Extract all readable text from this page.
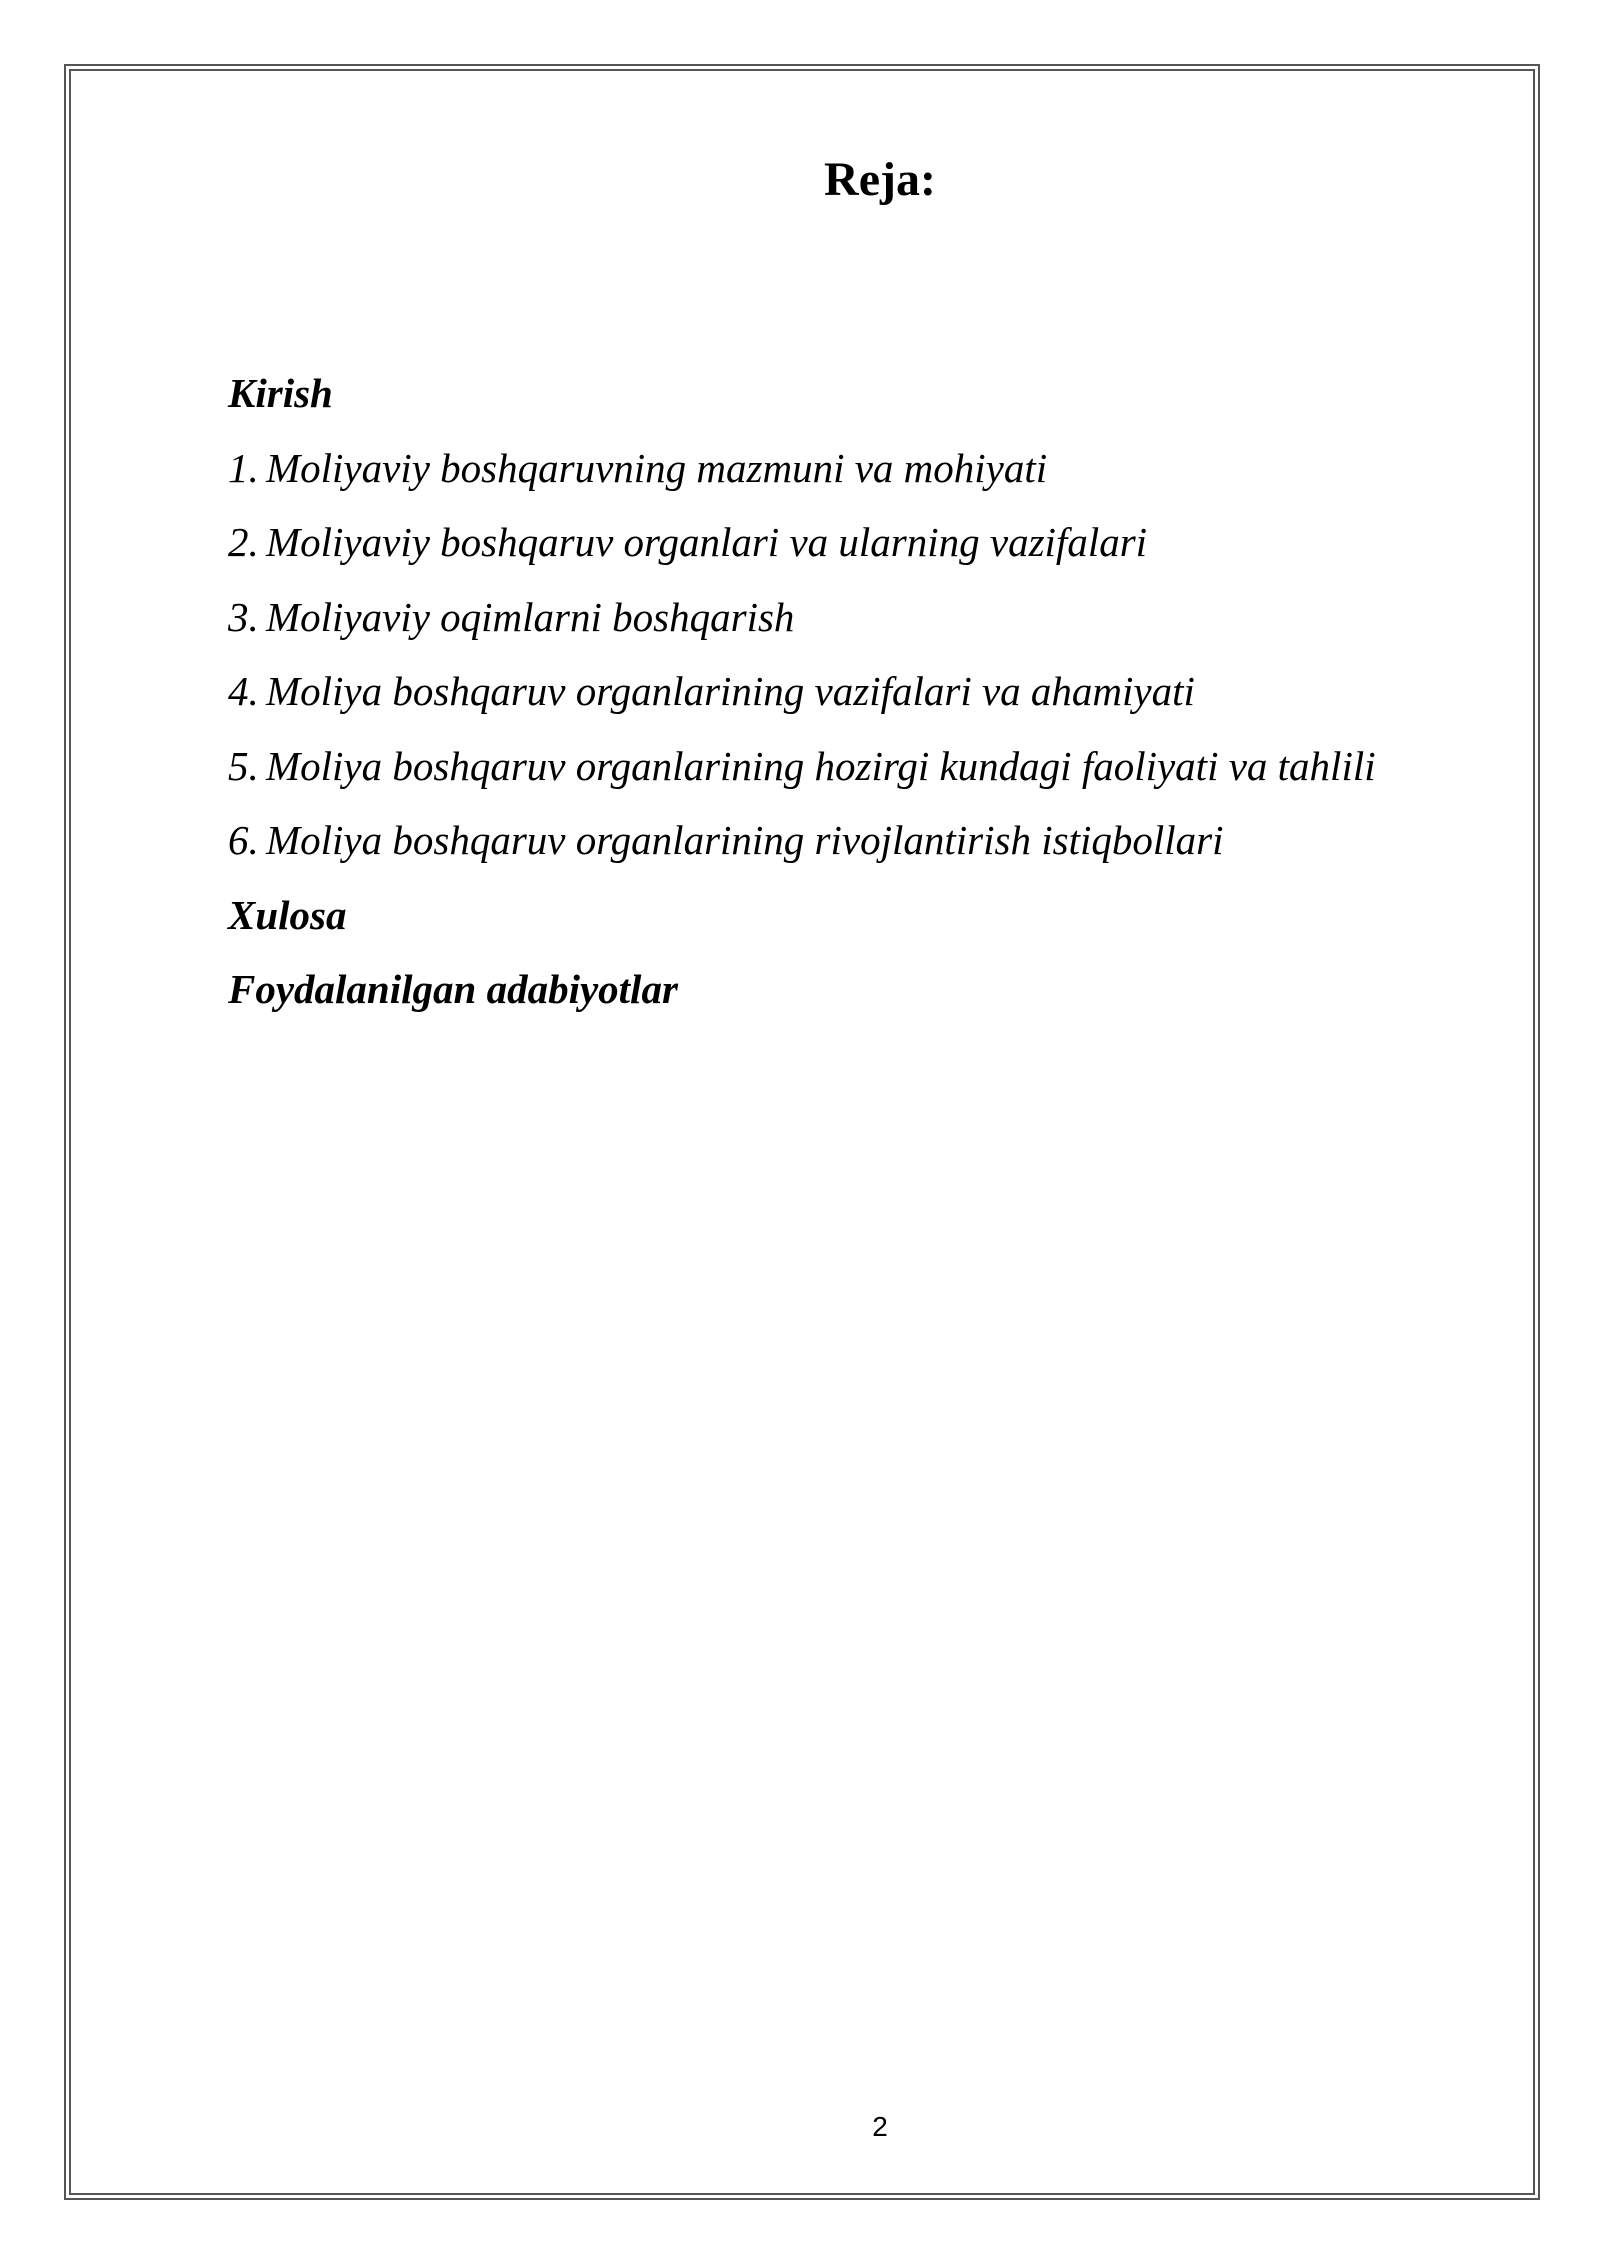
Reja:
Kirish
1. Moliyaviy boshqaruvning mazmuni va mohiyati
2. Moliyaviy boshqaruv organlari va ularning vazifalari
3. Moliyaviy oqimlarni boshqarish
4. Moliya boshqaruv organlarining vazifalari va ahamiyati
5. Moliya boshqaruv organlarining hozirgi kundagi faoliyati va tahlili
6. Moliya boshqaruv organlarining rivojlantirish istiqbollari
Xulosa
Foydalanilgan adabiyotlar
2
